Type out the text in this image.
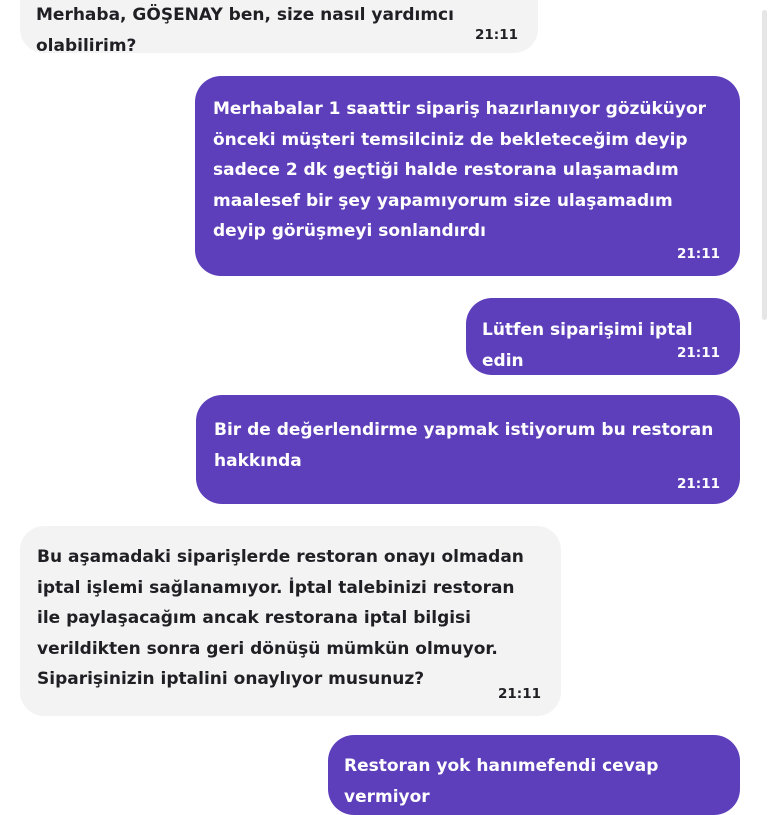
Merhaba, GÖŞENAY ben, size nasıl yardımcı olabilirim?
21:11
Merhabalar 1 saattir sipariş hazırlanıyor gözüküyor önceki müşteri temsilciniz de bekleteceğim deyip sadece 2 dk geçtiği halde restorana ulaşamadım maalesef bir şey yapamıyorum size ulaşamadım deyip görüşmeyi sonlandırdı
21:11
Lütfen siparişimi iptal edin	21:11
Bir de değerlendirme yapmak istiyorum bu restoran hakkında
21:11
Bu aşamadaki siparişlerde restoran onayı olmadan iptal işlemi sağlanamıyor. İptal talebinizi restoran ile paylaşacağım ancak restorana iptal bilgisi verildikten sonra geri dönüşü mümkün olmuyor. Siparişinizin iptalini onaylıyor musunuz?
21:11
Restoran yok hanımefendi cevap vermiyor
